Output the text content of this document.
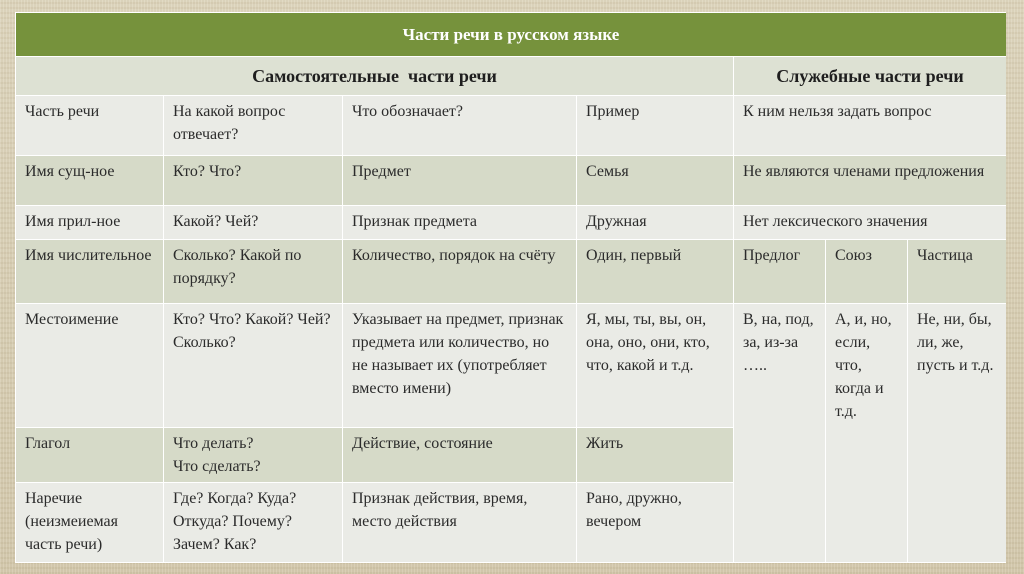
Части речи в русском языке						
Самостоятельные  части речи				Служебные части речи		

Часть речи	На какой вопрос отвечает?	Что обозначает?	Пример	К ним нельзя задать вопрос		

Имя сущ-ное	Кто? Что?	Предмет	Семья	Не являются членами предложения		

Имя прил-ное	Какой? Чей?	Признак предмета	Дружная	Нет лексического значения		

Имя числительное	Сколько? Какой по порядку?	Количество, порядок на счёту	Один, первый	Предлог	Союз	Частица

Местоимение	Кто? Что? Какой? Чей? Сколько?	Указывает на предмет, признак предмета или количество, но не называет их (употребляет вместо имени)	Я, мы, ты, вы, он, она, оно, они, кто, что, какой и т.д.	В, на, под, за, из-за …..	А, и, но, если, что, когда и т.д.	Не, ни, бы, ли, же, пусть и т.д.

Глагол	Что делать?
Что сделать?	Действие, состояние	Жить			

Наречие (неизмеиемая часть речи)	Где? Когда? Куда? Откуда? Почему? Зачем? Как?	Признак действия, время, место действия	Рано, дружно, вечером			
